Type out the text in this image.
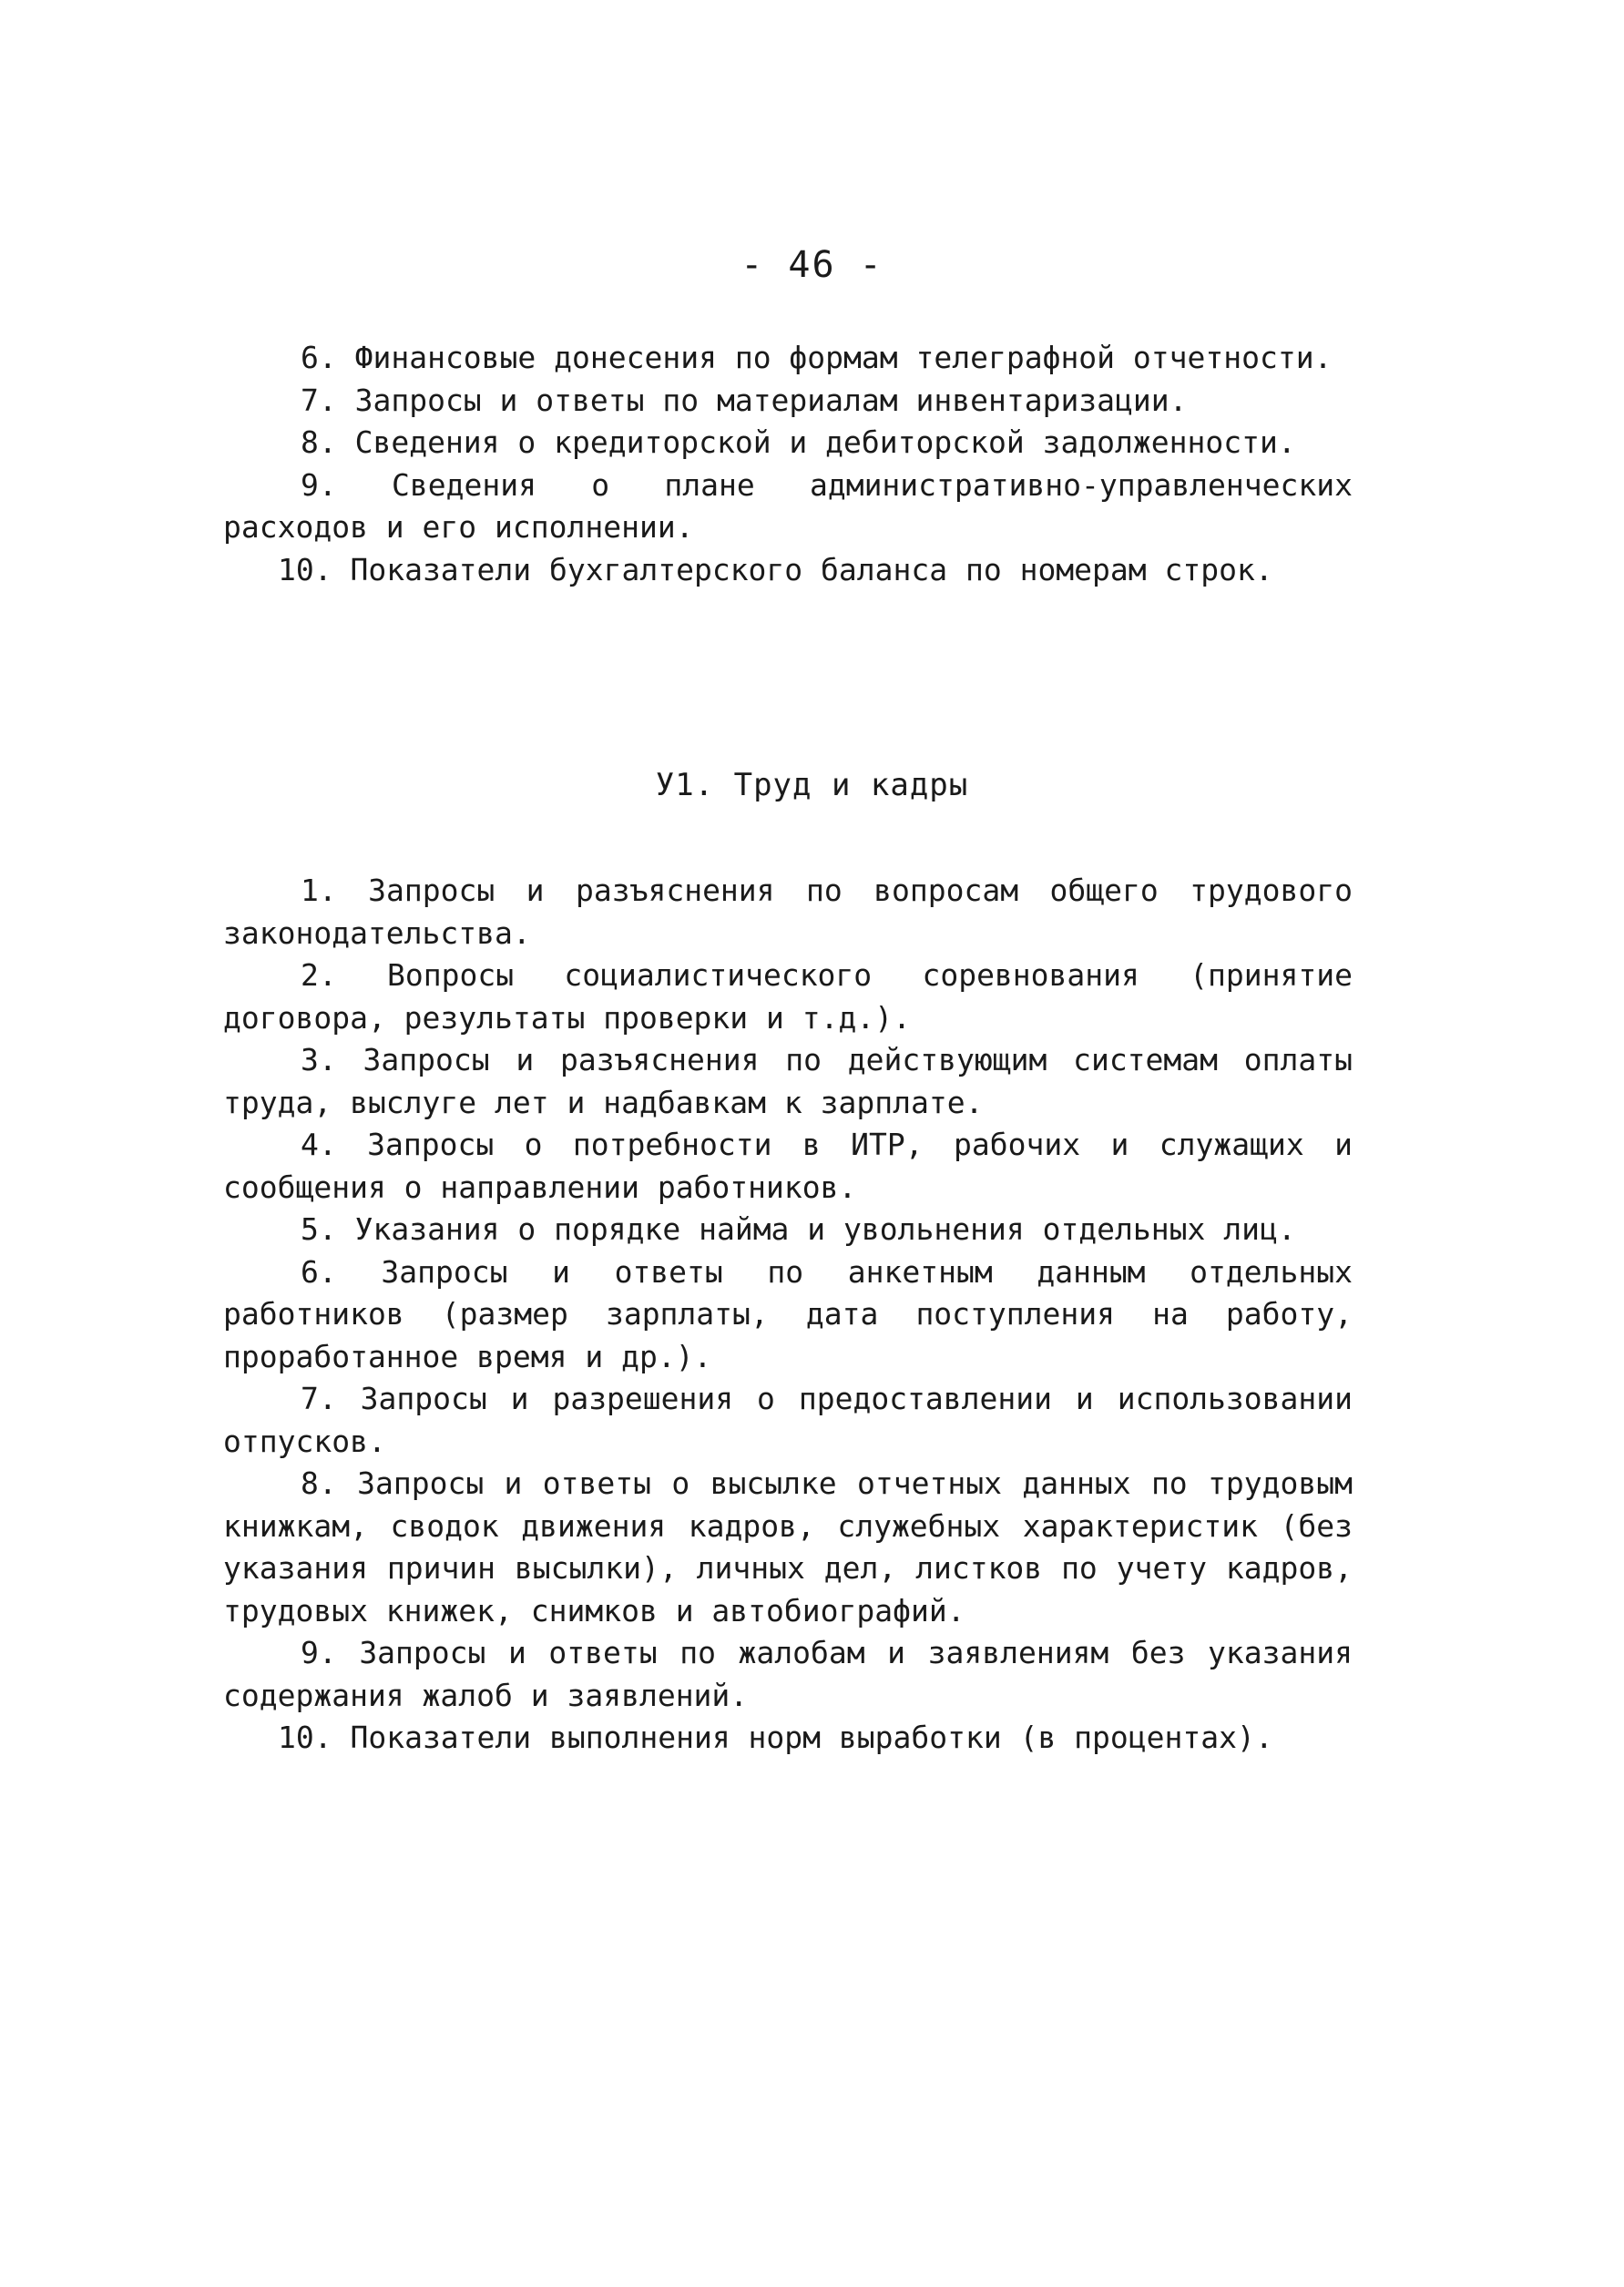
- 46 -

6. Финансовые донесения по формам телеграфной отчетности.

7. Запросы и ответы по материалам инвентаризации.

8. Сведения о кредиторской и дебиторской задолженности.

9. Сведения о плане административно-управленческих расходов и его исполнении.

10. Показатели бухгалтерского баланса по номерам строк.

У1. Труд и кадры

1. Запросы и разъяснения по вопросам общего трудового законодательства.

2. Вопросы социалистического соревнования (принятие договора, результаты проверки и т.д.).

3. Запросы и разъяснения по действующим системам оплаты труда, выслуге лет и надбавкам к зарплате.

4. Запросы о потребности в ИТР, рабочих и служащих и сообщения о направлении работников.

5. Указания о порядке найма и увольнения отдельных лиц.

6. Запросы и ответы по анкетным данным отдельных работников (размер зарплаты, дата поступления на работу, проработанное время и др.).

7. Запросы и разрешения о предоставлении и использовании отпусков.

8. Запросы и ответы о высылке отчетных данных по трудовым книжкам, сводок движения кадров, служебных характеристик (без указания причин высылки), личных дел, листков по учету кадров, трудовых книжек, снимков и автобиографий.

9. Запросы и ответы по жалобам и заявлениям без указания содержания жалоб и заявлений.

10. Показатели выполнения норм выработки (в процентах).
